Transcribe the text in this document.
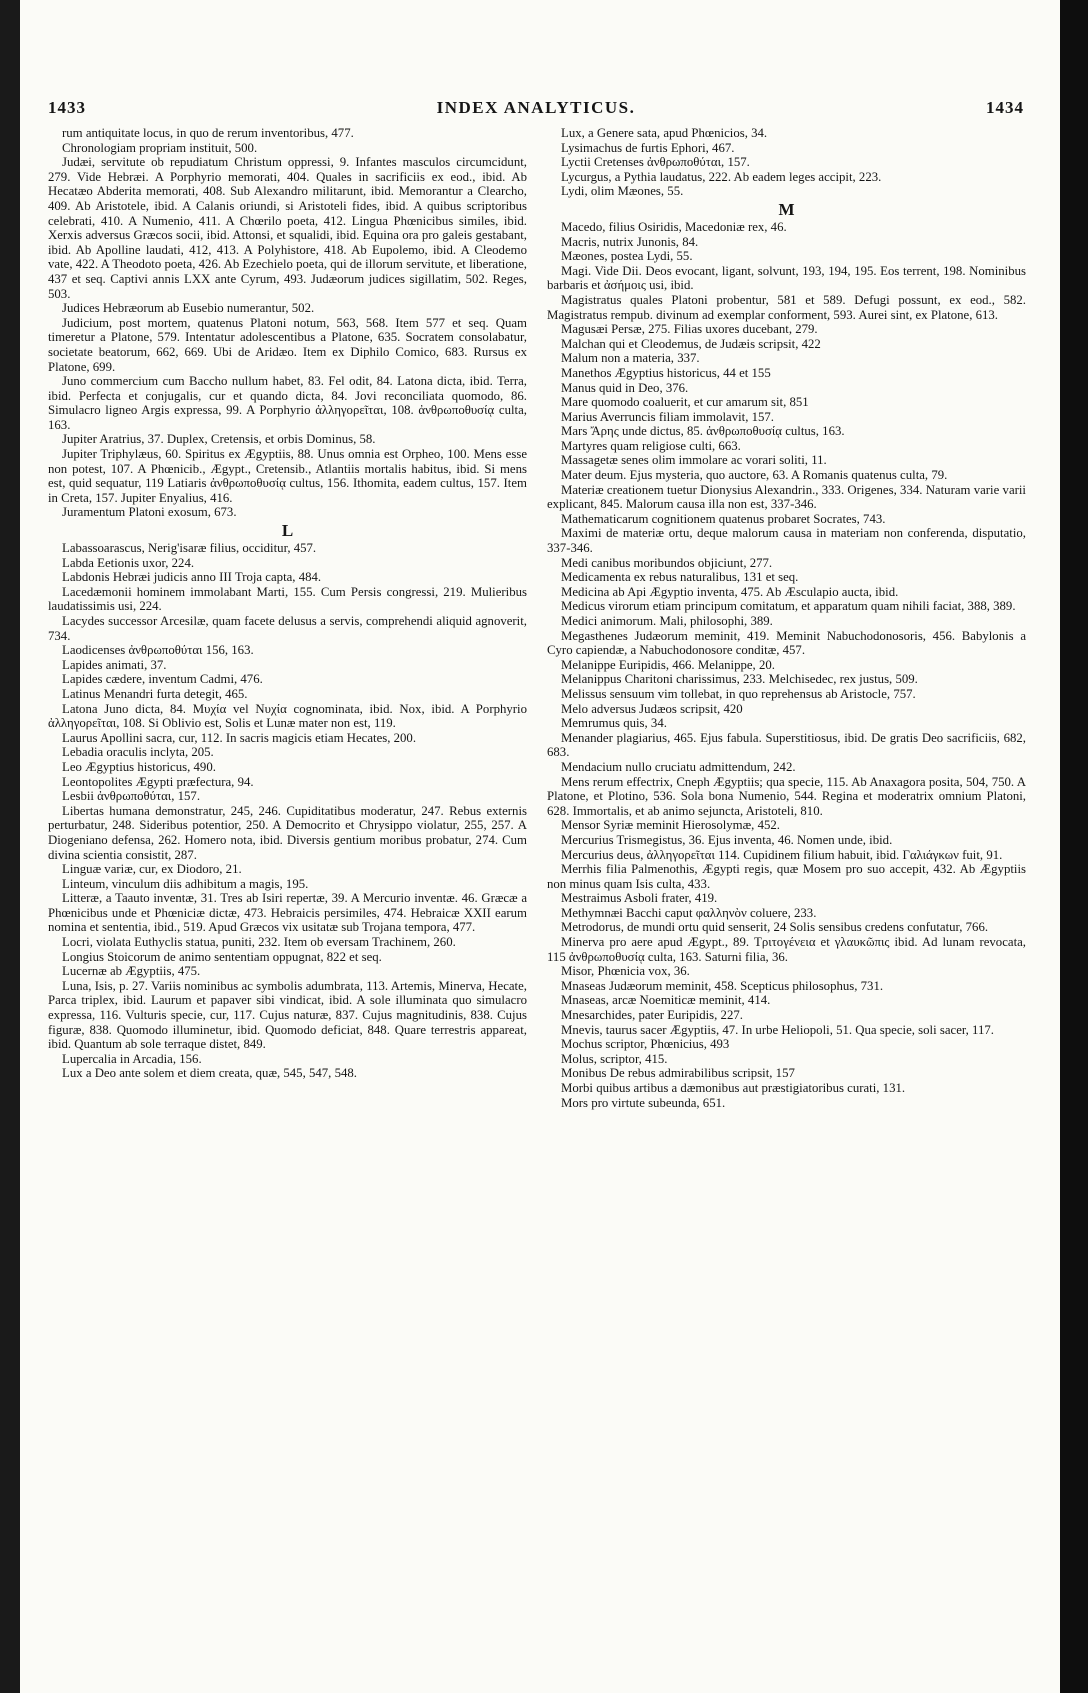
1433	INDEX ANALYTICUS.	1434

rum antiquitate locus, in quo de rerum inventoribus, 477.

Chronologiam propriam instituit, 500.

Judæi, servitute ob repudiatum Christum oppressi, 9. Infantes masculos circumcidunt, 279. Vide Hebræi. A Porphyrio memorati, 404. Quales in sacrificiis ex eod., ibid. Ab Hecatæo Abderita memorati, 408. Sub Alexandro militarunt, ibid. Memorantur a Clearcho, 409. Ab Aristotele, ibid. A Calanis oriundi, si Aristoteli fides, ibid. A quibus scriptoribus celebrati, 410. A Numenio, 411. A Chœrilo poeta, 412. Lingua Phœnicibus similes, ibid. Xerxis adversus Græcos socii, ibid. Attonsi, et squalidi, ibid. Equina ora pro galeis gestabant, ibid. Ab Apolline laudati, 412, 413. A Polyhistore, 418. Ab Eupolemo, ibid. A Cleodemo vate, 422. A Theodoto poeta, 426. Ab Ezechielo poeta, qui de illorum servitute, et liberatione, 437 et seq. Captivi annis LXX ante Cyrum, 493. Judæorum judices sigillatim, 502. Reges, 503.

Judices Hebræorum ab Eusebio numerantur, 502.

Judicium, post mortem, quatenus Platoni notum, 563, 568. Item 577 et seq. Quam timeretur a Platone, 579. Intentatur adolescentibus a Platone, 635. Socratem consolabatur, societate beatorum, 662, 669. Ubi de Aridæo. Item ex Diphilo Comico, 683. Rursus ex Platone, 699.

Juno commercium cum Baccho nullum habet, 83. Fel odit, 84. Latona dicta, ibid. Terra, ibid. Perfecta et conjugalis, cur et quando dicta, 84. Jovi reconciliata quomodo, 86. Simulacro ligneo Argis expressa, 99. A Porphyrio ἀλληγορεῖται, 108. ἀνθρωποθυσίᾳ culta, 163.

Jupiter Aratrius, 37. Duplex, Cretensis, et orbis Dominus, 58.

Jupiter Triphylæus, 60. Spiritus ex Ægyptiis, 88. Unus omnia est Orpheo, 100. Mens esse non potest, 107. A Phœnicib., Ægypt., Cretensib., Atlantiis mortalis habitus, ibid. Si mens est, quid sequatur, 119 Latiaris ἀνθρωποθυσίᾳ cultus, 156. Ithomita, eadem cultus, 157. Item in Creta, 157. Jupiter Enyalius, 416.

Juramentum Platoni exosum, 673.

L

Labassoarascus, Nerig'isaræ filius, occiditur, 457.

Labda Eetionis uxor, 224.

Labdonis Hebræi judicis anno III Troja capta, 484.

Lacedæmonii hominem immolabant Marti, 155. Cum Persis congressi, 219. Mulieribus laudatissimis usi, 224.

Lacydes successor Arcesilæ, quam facete delusus a servis, comprehendi aliquid agnoverit, 734.

Laodicenses ἀνθρωποθύται 156, 163.

Lapides animati, 37.

Lapides cædere, inventum Cadmi, 476.

Latinus Menandri furta detegit, 465.

Latona Juno dicta, 84. Μυχία vel Νυχία cognominata, ibid. Nox, ibid. A Porphyrio ἀλληγορεῖται, 108. Si Oblivio est, Solis et Lunæ mater non est, 119.

Laurus Apollini sacra, cur, 112. In sacris magicis etiam Hecates, 200.

Lebadia oraculis inclyta, 205.

Leo Ægyptius historicus, 490.

Leontopolites Ægypti præfectura, 94.

Lesbii ἀνθρωποθύται, 157.

Libertas humana demonstratur, 245, 246. Cupiditatibus moderatur, 247. Rebus externis perturbatur, 248. Sideribus potentior, 250. A Democrito et Chrysippo violatur, 255, 257. A Diogeniano defensa, 262. Homero nota, ibid. Diversis gentium moribus probatur, 274. Cum divina scientia consistit, 287.

Linguæ variæ, cur, ex Diodoro, 21.

Linteum, vinculum diis adhibitum a magis, 195.

Litteræ, a Taauto inventæ, 31. Tres ab Isiri repertæ, 39. A Mercurio inventæ. 46. Græcæ a Phœnicibus unde et Phœniciæ dictæ, 473. Hebraicis persimiles, 474. Hebraicæ XXII earum nomina et sententia, ibid., 519. Apud Græcos vix usitatæ sub Trojana tempora, 477.

Locri, violata Euthyclis statua, puniti, 232. Item ob eversam Trachinem, 260.

Longius Stoicorum de animo sententiam oppugnat, 822 et seq.

Lucernæ ab Ægyptiis, 475.

Luna, Isis, p. 27. Variis nominibus ac symbolis adumbrata, 113. Artemis, Minerva, Hecate, Parca triplex, ibid. Laurum et papaver sibi vindicat, ibid. A sole illuminata quo simulacro expressa, 116. Vulturis specie, cur, 117. Cujus naturæ, 837. Cujus magnitudinis, 838. Cujus figuræ, 838. Quomodo illuminetur, ibid. Quomodo deficiat, 848. Quare terrestris appareat, ibid. Quantum ab sole terraque distet, 849.

Lupercalia in Arcadia, 156.

Lux a Deo ante solem et diem creata, quæ, 545, 547, 548.

Lux, a Genere sata, apud Phœnicios, 34.

Lysimachus de furtis Ephori, 467.

Lyctii Cretenses ἀνθρωποθύται, 157.

Lycurgus, a Pythia laudatus, 222. Ab eadem leges accipit, 223.

Lydi, olim Mæones, 55.

M

Macedo, filius Osiridis, Macedoniæ rex, 46.

Macris, nutrix Junonis, 84.

Mæones, postea Lydi, 55.

Magi. Vide Dii. Deos evocant, ligant, solvunt, 193, 194, 195. Eos terrent, 198. Nominibus barbaris et ἀσήμοις usi, ibid.

Magistratus quales Platoni probentur, 581 et 589. Defugi possunt, ex eod., 582. Magistratus rempub. divinum ad exemplar conforment, 593. Aurei sint, ex Platone, 613.

Magusæi Persæ, 275. Filias uxores ducebant, 279.

Malchan qui et Cleodemus, de Judæis scripsit, 422

Malum non a materia, 337.

Manethos Ægyptius historicus, 44 et 155

Manus quid in Deo, 376.

Mare quomodo coaluerit, et cur amarum sit, 851

Marius Averruncis filiam immolavit, 157.

Mars Ἄρης unde dictus, 85. ἀνθρωποθυσίᾳ cultus, 163.

Martyres quam religiose culti, 663.

Massagetæ senes olim immolare ac vorari soliti, 11.

Mater deum. Ejus mysteria, quo auctore, 63. A Romanis quatenus culta, 79.

Materiæ creationem tuetur Dionysius Alexandrin., 333. Origenes, 334. Naturam varie varii explicant, 845. Malorum causa illa non est, 337-346.

Mathematicarum cognitionem quatenus probaret Socrates, 743.

Maximi de materiæ ortu, deque malorum causa in materiam non conferenda, disputatio, 337-346.

Medi canibus moribundos objiciunt, 277.

Medicamenta ex rebus naturalibus, 131 et seq.

Medicina ab Api Ægyptio inventa, 475. Ab Æsculapio aucta, ibid.

Medicus virorum etiam principum comitatum, et apparatum quam nihili faciat, 388, 389.

Medici animorum. Mali, philosophi, 389.

Megasthenes Judæorum meminit, 419. Meminit Nabuchodonosoris, 456. Babylonis a Cyro capiendæ, a Nabuchodonosore conditæ, 457.

Melanippe Euripidis, 466. Melanippe, 20.

Melanippus Charitoni charissimus, 233. Melchisedec, rex justus, 509.

Melissus sensuum vim tollebat, in quo reprehensus ab Aristocle, 757.

Melo adversus Judæos scripsit, 420

Memrumus quis, 34.

Menander plagiarius, 465. Ejus fabula. Superstitiosus, ibid. De gratis Deo sacrificiis, 682, 683.

Mendacium nullo cruciatu admittendum, 242.

Mens rerum effectrix, Cneph Ægyptiis; qua specie, 115. Ab Anaxagora posita, 504, 750. A Platone, et Plotino, 536. Sola bona Numenio, 544. Regina et moderatrix omnium Platoni, 628. Immortalis, et ab animo sejuncta, Aristoteli, 810.

Mensor Syriæ meminit Hierosolymæ, 452.

Mercurius Trismegistus, 36. Ejus inventa, 46. Nomen unde, ibid.

Mercurius deus, ἀλληγορεῖται 114. Cupidinem filium habuit, ibid. Γαλιάγκων fuit, 91.

Merrhis filia Palmenothis, Ægypti regis, quæ Mosem pro suo accepit, 432. Ab Ægyptiis non minus quam Isis culta, 433.

Mestraimus Asboli frater, 419.

Methymnæi Bacchi caput φαλληνὸν coluere, 233.

Metrodorus, de mundi ortu quid senserit, 24 Solis sensibus credens confutatur, 766.

Minerva pro aere apud Ægypt., 89. Τριτογένεια et γλαυκῶπις ibid. Ad lunam revocata, 115 ἀνθρωποθυσίᾳ culta, 163. Saturni filia, 36.

Misor, Phœnicia vox, 36.

Mnaseas Judæorum meminit, 458. Scepticus philosophus, 731.

Mnaseas, arcæ Noemiticæ meminit, 414.

Mnesarchides, pater Euripidis, 227.

Mnevis, taurus sacer Ægyptiis, 47. In urbe Heliopoli, 51. Qua specie, soli sacer, 117.

Mochus scriptor, Phœnicius, 493

Molus, scriptor, 415.

Monibus De rebus admirabilibus scripsit, 157

Morbi quibus artibus a dæmonibus aut præstigiatoribus curati, 131.

Mors pro virtute subeunda, 651.
